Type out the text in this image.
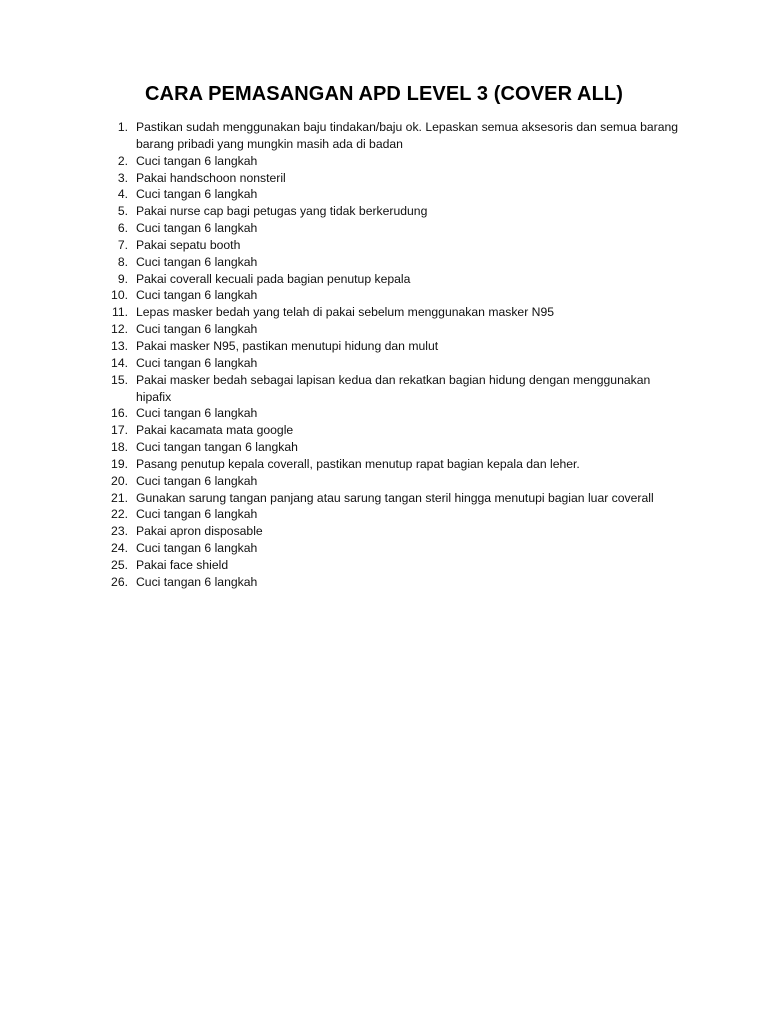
CARA PEMASANGAN APD LEVEL 3 (COVER ALL)
1. Pastikan sudah menggunakan baju tindakan/baju ok. Lepaskan semua aksesoris dan semua barang barang pribadi yang mungkin masih ada di badan
2. Cuci tangan 6 langkah
3. Pakai handschoon nonsteril
4. Cuci tangan 6 langkah
5. Pakai nurse cap bagi petugas yang tidak berkerudung
6. Cuci tangan 6 langkah
7. Pakai sepatu booth
8. Cuci tangan 6 langkah
9. Pakai coverall kecuali pada bagian penutup kepala
10. Cuci tangan 6 langkah
11. Lepas masker bedah yang telah di pakai sebelum menggunakan masker N95
12. Cuci tangan 6 langkah
13. Pakai masker N95, pastikan menutupi hidung dan mulut
14. Cuci tangan 6 langkah
15. Pakai masker bedah sebagai lapisan kedua dan rekatkan bagian hidung dengan menggunakan hipafix
16. Cuci tangan 6 langkah
17. Pakai kacamata mata google
18. Cuci tangan tangan 6 langkah
19. Pasang penutup kepala coverall, pastikan menutup rapat bagian kepala dan leher.
20. Cuci tangan 6 langkah
21. Gunakan sarung tangan panjang atau sarung tangan steril hingga menutupi bagian luar coverall
22. Cuci tangan 6 langkah
23. Pakai apron disposable
24. Cuci tangan 6 langkah
25. Pakai face shield
26. Cuci tangan 6 langkah
